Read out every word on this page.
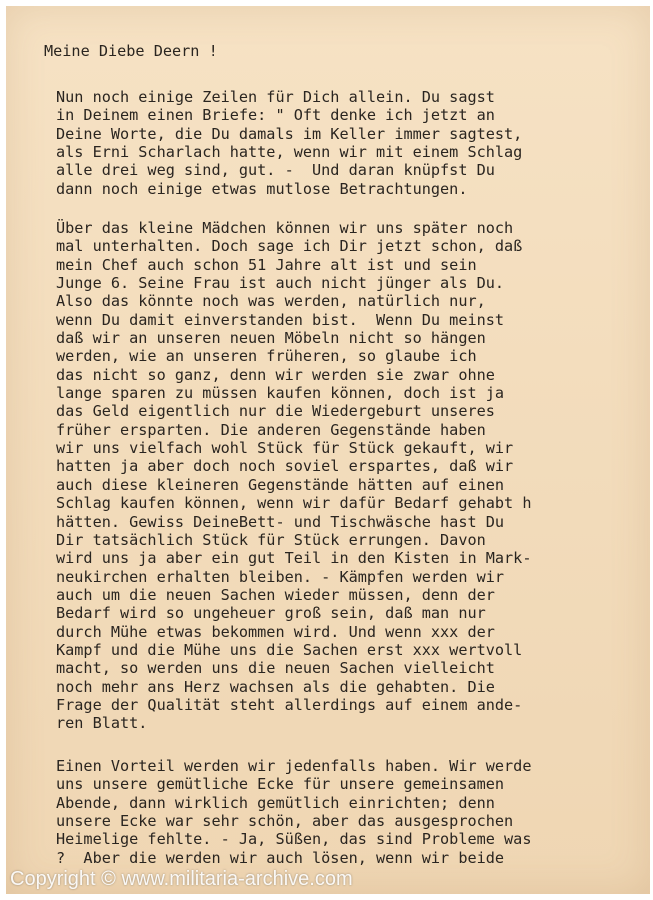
Meine Diebe Deern !
Nun noch einige Zeilen für Dich allein. Du sagst
in Deinem einen Briefe: " Oft denke ich jetzt an
Deine Worte, die Du damals im Keller immer sagtest,
als Erni Scharlach hatte, wenn wir mit einem Schlag
alle drei weg sind, gut. -  Und daran knüpfst Du
dann noch einige etwas mutlose Betrachtungen.
Über das kleine Mädchen können wir uns später noch
mal unterhalten. Doch sage ich Dir jetzt schon, daß
mein Chef auch schon 51 Jahre alt ist und sein
Junge 6. Seine Frau ist auch nicht jünger als Du.
Also das könnte noch was werden, natürlich nur,
wenn Du damit einverstanden bist.  Wenn Du meinst
daß wir an unseren neuen Möbeln nicht so hängen
werden, wie an unseren früheren, so glaube ich
das nicht so ganz, denn wir werden sie zwar ohne
lange sparen zu müssen kaufen können, doch ist ja
das Geld eigentlich nur die Wiedergeburt unseres
früher ersparten. Die anderen Gegenstände haben
wir uns vielfach wohl Stück für Stück gekauft, wir
hatten ja aber doch noch soviel erspartes, daß wir
auch diese kleineren Gegenstände hätten auf einen
Schlag kaufen können, wenn wir dafür Bedarf gehabt h
hätten. Gewiss DeineBett- und Tischwäsche hast Du
Dir tatsächlich Stück für Stück errungen. Davon
wird uns ja aber ein gut Teil in den Kisten in Mark-
neukirchen erhalten bleiben. - Kämpfen werden wir
auch um die neuen Sachen wieder müssen, denn der
Bedarf wird so ungeheuer groß sein, daß man nur
durch Mühe etwas bekommen wird. Und wenn xxx der
Kampf und die Mühe uns die Sachen erst xxx wertvoll
macht, so werden uns die neuen Sachen vielleicht
noch mehr ans Herz wachsen als die gehabten. Die
Frage der Qualität steht allerdings auf einem ande-
ren Blatt.
Einen Vorteil werden wir jedenfalls haben. Wir werde
uns unsere gemütliche Ecke für unsere gemeinsamen
Abende, dann wirklich gemütlich einrichten; denn
unsere Ecke war sehr schön, aber das ausgesprochen
Heimelige fehlte. - Ja, Süßen, das sind Probleme was
?  Aber die werden wir auch lösen, wenn wir beide
Copyright © www.militaria-archive.com
